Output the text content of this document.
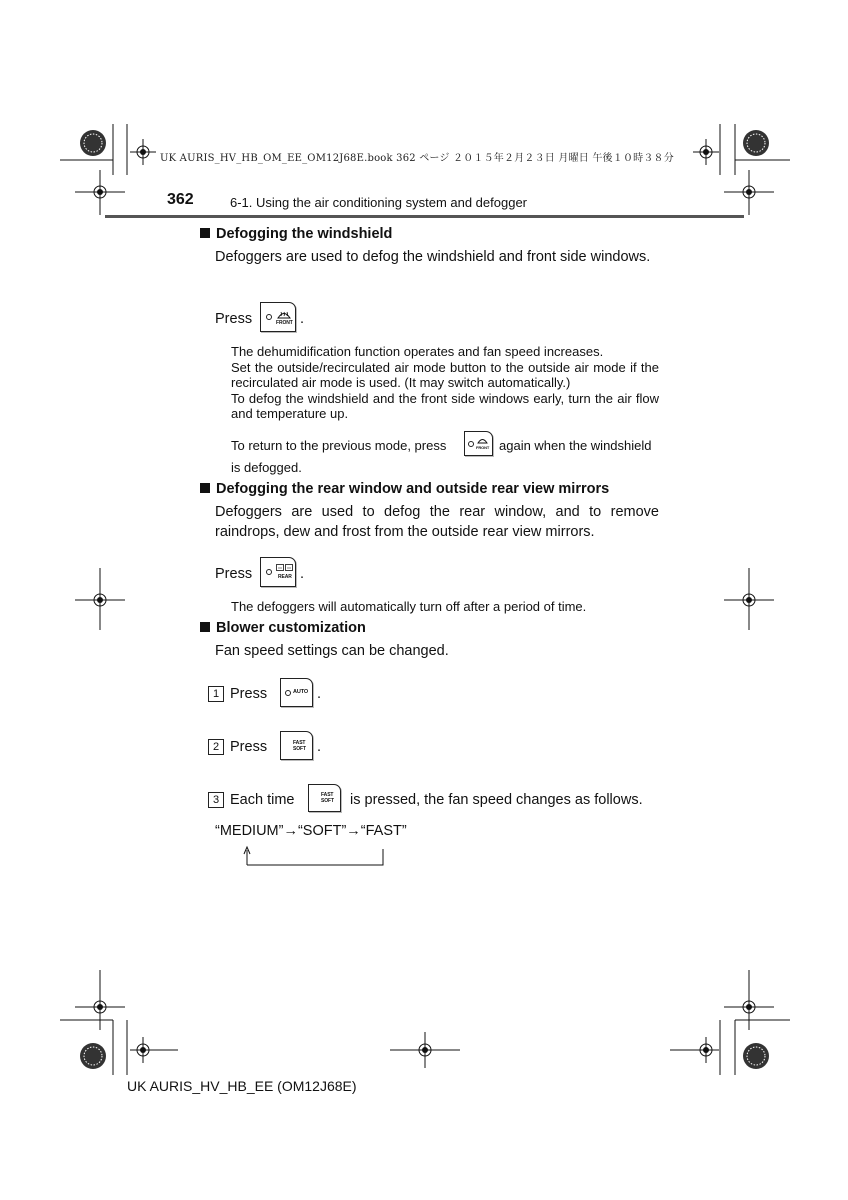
UK AURIS_HV_HB_OM_EE_OM12J68E.book 362 ページ ２０１５年２月２３日 月曜日 午後１０時３８分
362	6-1. Using the air conditioning system and defogger
Defogging the windshield
Defoggers are used to defog the windshield and front side windows.
Press	FRONT .
The dehumidification function operates and fan speed increases.
Set the outside/recirculated air mode button to the outside air mode if the recirculated air mode is used. (It may switch automatically.)
To defog the windshield and the front side windows early, turn the air flow and temperature up.
To return to the previous mode, press	FRONT again when the windshield
is defogged.
Defogging the rear window and outside rear view mirrors
Defoggers are used to defog the rear window, and to remove raindrops, dew and frost from the outside rear view mirrors.
Press	REAR .
The defoggers will automatically turn off after a period of time.
Blower customization
Fan speed settings can be changed.
1 Press	AUTO .
2 Press	FAST
SOFT .
3 Each time	FAST
SOFT is pressed, the fan speed changes as follows.
“MEDIUM”→“SOFT”→“FAST”
UK AURIS_HV_HB_EE (OM12J68E)
